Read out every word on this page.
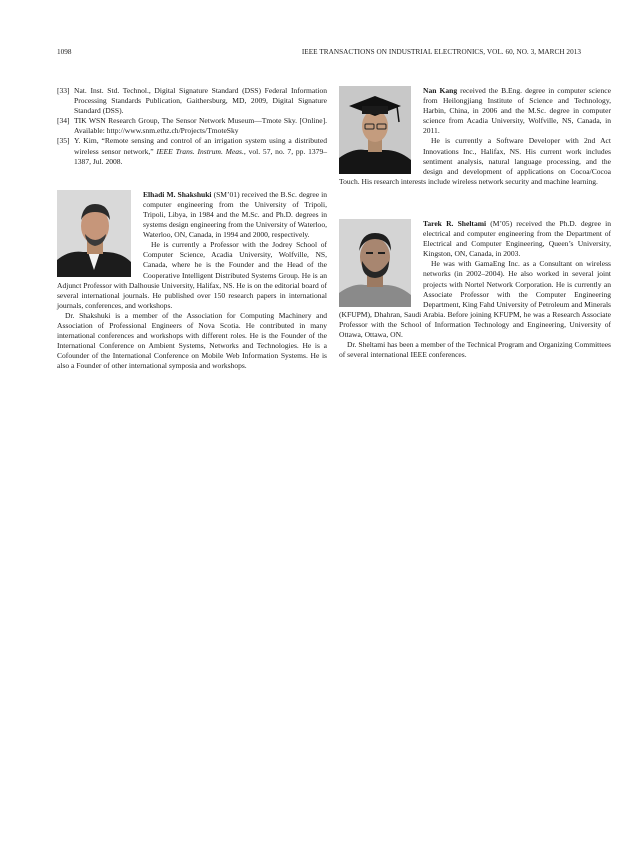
1098	IEEE TRANSACTIONS ON INDUSTRIAL ELECTRONICS, VOL. 60, NO. 3, MARCH 2013
[33] Nat. Inst. Std. Technol., Digital Signature Standard (DSS) Federal Information Processing Standards Publication, Gaithersburg, MD, 2009, Digital Signature Standard (DSS).
[34] TIK WSN Research Group, The Sensor Network Museum—Tmote Sky. [Online]. Available: http://www.snm.ethz.ch/Projects/TmoteSky
[35] Y. Kim, “Remote sensing and control of an irrigation system using a distributed wireless sensor network,” IEEE Trans. Instrum. Meas., vol. 57, no. 7, pp. 1379–1387, Jul. 2008.

Elhadi M. Shakshuki (SM’01) received the B.Sc. degree in computer engineering from the University of Tripoli, Tripoli, Libya, in 1984 and the M.Sc. and Ph.D. degrees in systems design engineering from the University of Waterloo, Waterloo, ON, Canada, in 1994 and 2000, respectively.

He is currently a Professor with the Jodrey School of Computer Science, Acadia University, Wolfville, NS, Canada, where he is the Founder and the Head of the Cooperative Intelligent Distributed Systems Group. He is an Adjunct Professor with Dalhousie University, Halifax, NS. He is on the editorial board of several international journals. He published over 150 research papers in international journals, conferences, and workshops.

Dr. Shakshuki is a member of the Association for Computing Machinery and Association of Professional Engineers of Nova Scotia. He contributed in many international conferences and workshops with different roles. He is the Founder of the International Conference on Ambient Systems, Networks and Technologies. He is a Cofounder of the International Conference on Mobile Web Information Systems. He is also a Founder of other international symposia and workshops.

Nan Kang received the B.Eng. degree in computer science from Heilongjiang Institute of Science and Technology, Harbin, China, in 2006 and the M.Sc. degree in computer science from Acadia University, Wolfville, NS, Canada, in 2011.

He is currently a Software Developer with 2nd Act Innovations Inc., Halifax, NS. His current work includes sentiment analysis, natural language processing, and the design and development of applications on Cocoa/Cocoa Touch. His research interests include wireless network security and machine learning.

Tarek R. Sheltami (M’05) received the Ph.D. degree in electrical and computer engineering from the Department of Electrical and Computer Engineering, Queen’s University, Kingston, ON, Canada, in 2003.

He was with GamaEng Inc. as a Consultant on wireless networks (in 2002–2004). He also worked in several joint projects with Nortel Network Corporation. He is currently an Associate Professor with the Computer Engineering Department, King Fahd University of Petroleum and Minerals (KFUPM), Dhahran, Saudi Arabia. Before joining KFUPM, he was a Research Associate Professor with the School of Information Technology and Engineering, University of Ottawa, Ottawa, ON.

Dr. Sheltami has been a member of the Technical Program and Organizing Committees of several international IEEE conferences.
